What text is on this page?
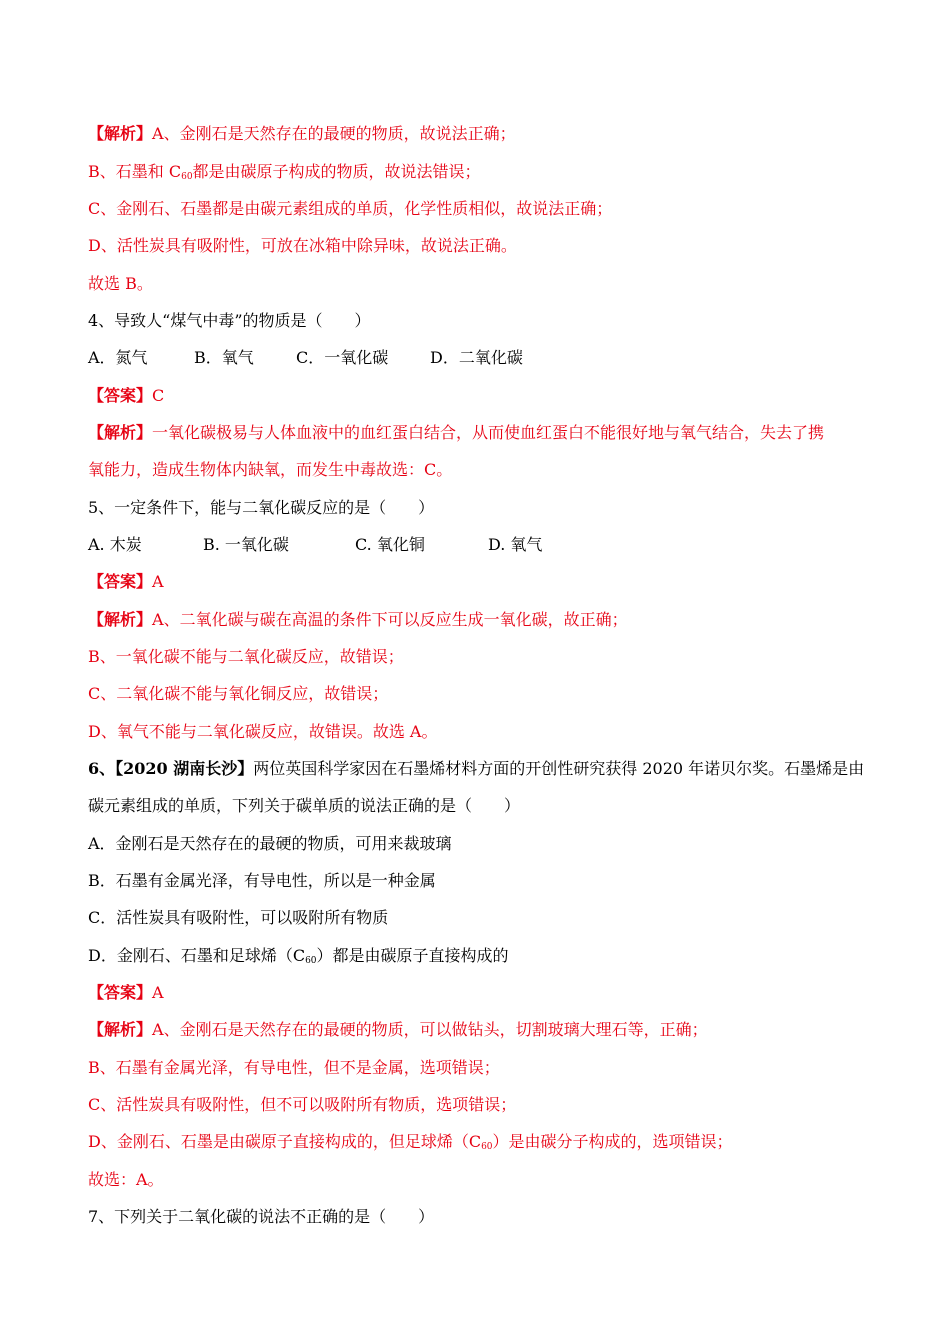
【解析】A、金刚石是天然存在的最硬的物质，故说法正确；
B、石墨和 $C_{60}$都是由碳原子构成的物质，故说法错误；
C、金刚石、石墨都是由碳元素组成的单质，化学性质相似，故说法正确；
D、活性炭具有吸附性，可放在冰箱中除异味，故说法正确。
故选 B。
4、导致人“煤气中毒”的物质是（　　）
A．氮气	B．氧气	C．一氧化碳	D．二氧化碳
【答案】C
【解析】一氧化碳极易与人体血液中的血红蛋白结合，从而使血红蛋白不能很好地与氧气结合，失去了携
氧能力，造成生物体内缺氧，而发生中毒故选：C。
5、一定条件下，能与二氧化碳反应的是（　　）
A. 木炭	B. 一氧化碳	C. 氧化铜	D. 氧气
【答案】A
【解析】A、二氧化碳与碳在高温的条件下可以反应生成一氧化碳，故正确；
B、一氧化碳不能与二氧化碳反应，故错误；
C、二氧化碳不能与氧化铜反应，故错误；
D、氧气不能与二氧化碳反应，故错误。故选 A。
6、【2020 湖南长沙】两位英国科学家因在石墨烯材料方面的开创性研究获得 2020 年诺贝尔奖。石墨烯是由
碳元素组成的单质，下列关于碳单质的说法正确的是（　　）
A．金刚石是天然存在的最硬的物质，可用来裁玻璃
B．石墨有金属光泽，有导电性，所以是一种金属
C．活性炭具有吸附性，可以吸附所有物质
D．金刚石、石墨和足球烯$(C_{60})$都是由碳原子直接构成的
【答案】A
【解析】A、金刚石是天然存在的最硬的物质，可以做钻头，切割玻璃大理石等，正确；
B、石墨有金属光泽，有导电性，但不是金属，选项错误；
C、活性炭具有吸附性，但不可以吸附所有物质，选项错误；
D、金刚石、石墨是由碳原子直接构成的，但足球烯$(C_{60})$是由碳分子构成的，选项错误；
故选：A。
7、下列关于二氧化碳的说法不正确的是（　　）
